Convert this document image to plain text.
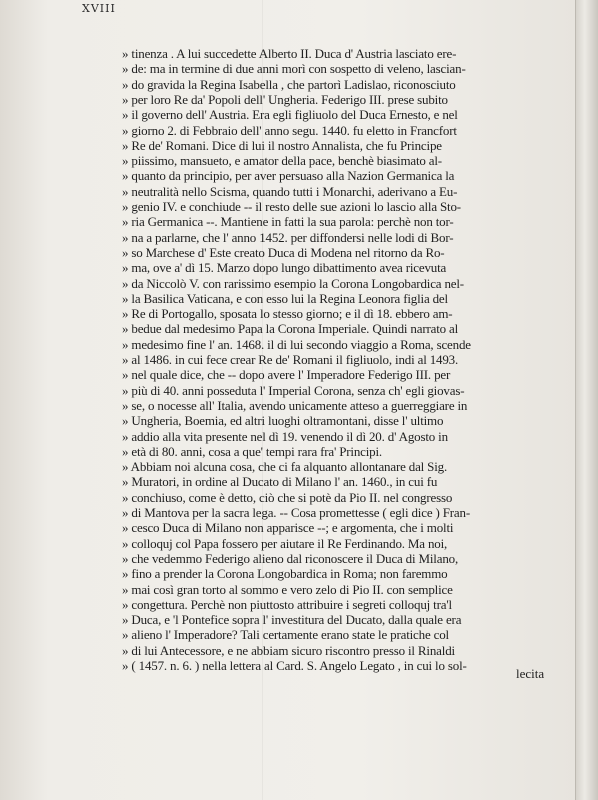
XVIII
» tinenza . A lui succedette Alberto II. Duca d' Austria lasciato ere-
» de: ma in termine di due anni morì con sospetto di veleno, lascian-
» do gravida la Regina Isabella , che partorì Ladislao, riconosciuto
» per loro Re da' Popoli dell' Ungheria. Federigo III. prese subito
» il governo dell' Austria. Era egli figliuolo del Duca Ernesto, e nel
» giorno 2. di Febbraio dell' anno segu. 1440. fu eletto in Francfort
» Re de' Romani. Dice di lui il nostro Annalista, che fu Principe
» piissimo, mansueto, e amator della pace, benchè biasimato al-
» quanto da principio, per aver persuaso alla Nazion Germanica la
» neutralità nello Scisma, quando tutti i Monarchi, aderivano a Eu-
» genio IV. e conchiude -- il resto delle sue azioni lo lascio alla Sto-
» ria Germanica --. Mantiene in fatti la sua parola: perchè non tor-
» na a parlarne, che l' anno 1452. per diffondersi nelle lodi di Bor-
» so Marchese d' Este creato Duca di Modena nel ritorno da Ro-
» ma, ove a' dì 15. Marzo dopo lungo dibattimento avea ricevuta
» da Niccolò V. con rarissimo esempio la Corona Longobardica nel-
» la Basilica Vaticana, e con esso lui la Regina Leonora figlia del
» Re di Portogallo, sposata lo stesso giorno; e il dì 18. ebbero am-
» bedue dal medesimo Papa la Corona Imperiale. Quindi narrato al
» medesimo fine l' an. 1468. il di lui secondo viaggio a Roma, scende
» al 1486. in cui fece crear Re de' Romani il figliuolo, indi al 1493.
» nel quale dice, che -- dopo avere l' Imperadore Federigo III. per
» più di 40. anni posseduta l' Imperial Corona, senza ch' egli giovas-
» se, o nocesse all' Italia, avendo unicamente atteso a guerreggiare in
» Ungheria, Boemia, ed altri luoghi oltramontani, disse l' ultimo
» addio alla vita presente nel dì 19. venendo il dì 20. d' Agosto in
» età di 80. anni, cosa a que' tempi rara fra' Principi.
» Abbiam noi alcuna cosa, che ci fa alquanto allontanare dal Sig.
» Muratori, in ordine al Ducato di Milano l' an. 1460., in cui fu
» conchiuso, come è detto, ciò che si potè da Pio II. nel congresso
» di Mantova per la sacra lega. -- Cosa promettesse ( egli dice ) Fran-
» cesco Duca di Milano non apparisce --; e argomenta, che i molti
» colloquj col Papa fossero per aiutare il Re Ferdinando. Ma noi,
» che vedemmo Federigo alieno dal riconoscere il Duca di Milano,
» fino a prender la Corona Longobardica in Roma; non faremmo
» mai così gran torto al sommo e vero zelo di Pio II. con semplice
» congettura. Perchè non piuttosto attribuire i segreti colloquj tra'l
» Duca, e 'l Pontefice sopra l' investitura del Ducato, dalla quale era
» alieno l' Imperadore? Tali certamente erano state le pratiche col
» di lui Antecessore, e ne abbiam sicuro riscontro presso il Rinaldi
» ( 1457. n. 6. ) nella lettera al Card. S. Angelo Legato , in cui lo sol-
lecita
